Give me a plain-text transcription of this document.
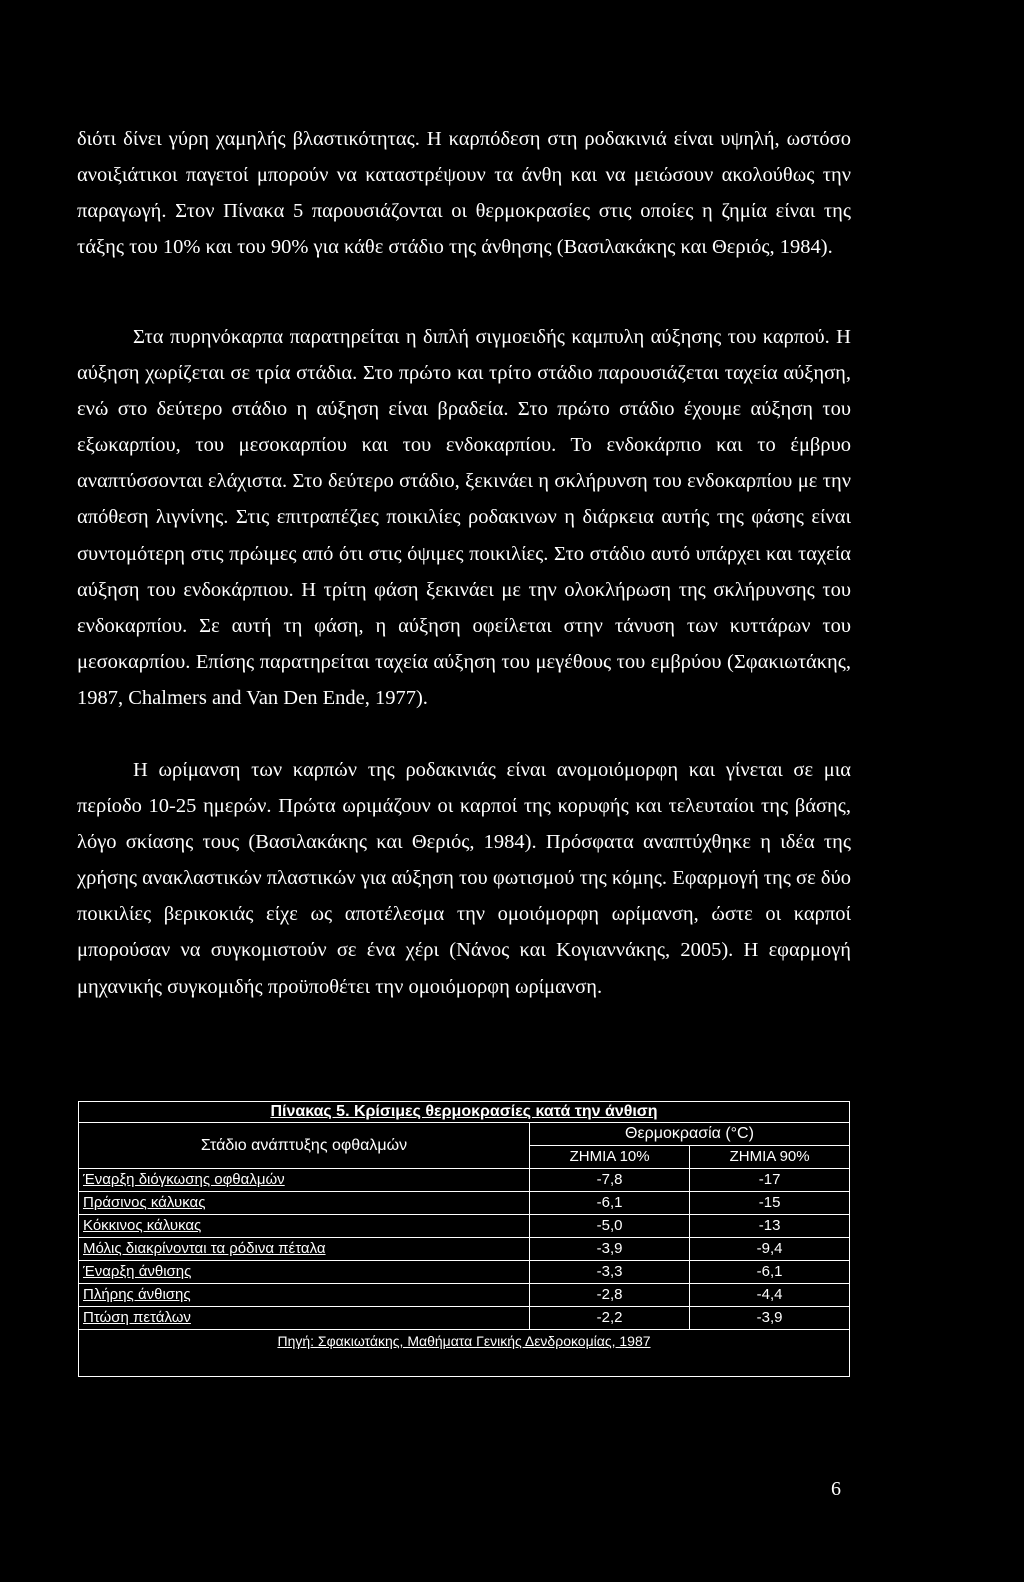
διότι δίνει γύρη χαμηλής βλαστικότητας. Η καρπόδεση στη ροδακινιά είναι υψηλή, ωστόσο ανοιξιάτικοι παγετοί μπορούν να καταστρέψουν τα άνθη και να μειώσουν ακολούθως την παραγωγή. Στον Πίνακα 5 παρουσιάζονται οι θερμοκρασίες στις οποίες η ζημία είναι της τάξης του 10% και του 90% για κάθε στάδιο της άνθησης (Βασιλακάκης και Θεριός, 1984).

Στα πυρηνόκαρπα παρατηρείται η διπλή σιγμοειδής καμπυλη αύξησης του καρπού. Η αύξηση χωρίζεται σε τρία στάδια. Στο πρώτο και τρίτο στάδιο παρουσιάζεται ταχεία αύξηση, ενώ στο δεύτερο στάδιο η αύξηση είναι βραδεία. Στο πρώτο στάδιο έχουμε αύξηση του εξωκαρπίου, του μεσοκαρπίου και του ενδοκαρπίου. Το ενδοκάρπιο και το έμβρυο αναπτύσσονται ελάχιστα. Στο δεύτερο στάδιο, ξεκινάει η σκλήρυνση του ενδοκαρπίου με την απόθεση λιγνίνης. Στις επιτραπέζιες ποικιλίες ροδακινων η διάρκεια αυτής της φάσης είναι συντομότερη στις πρώιμες από ότι στις όψιμες ποικιλίες. Στο στάδιο αυτό υπάρχει και ταχεία αύξηση του ενδοκάρπιου. Η τρίτη φάση ξεκινάει με την ολοκλήρωση της σκλήρυνσης του ενδοκαρπίου. Σε αυτή τη φάση, η αύξηση οφείλεται στην τάνυση των κυττάρων του μεσοκαρπίου. Επίσης παρατηρείται ταχεία αύξηση του μεγέθους του εμβρύου (Σφακιωτάκης, 1987, Chalmers and Van Den Ende, 1977).

Η ωρίμανση των καρπών της ροδακινιάς είναι ανομοιόμορφη και γίνεται σε μια περίοδο 10-25 ημερών. Πρώτα ωριμάζουν οι καρποί της κορυφής και τελευταίοι της βάσης, λόγο σκίασης τους (Βασιλακάκης και Θεριός, 1984). Πρόσφατα αναπτύχθηκε η ιδέα της χρήσης ανακλαστικών πλαστικών για αύξηση του φωτισμού της κόμης. Εφαρμογή της σε δύο ποικιλίες βερικοκιάς είχε ως αποτέλεσμα την ομοιόμορφη ωρίμανση, ώστε οι καρποί μπορούσαν να συγκομιστούν σε ένα χέρι (Νάνος και Κογιαννάκης, 2005). Η εφαρμογή μηχανικής συγκομιδής προϋποθέτει την ομοιόμορφη ωρίμανση.

Πίνακας 5. Κρίσιμες θερμοκρασίες κατά την άνθιση
Στάδιο ανάπτυξης οφθαλμών	Θερμοκρασία (°C)	
	ΖΗΜΙΑ 10%	ΖΗΜΙΑ 90%
Έναρξη διόγκωσης οφθαλμών	-7,8	-17
Πράσινος κάλυκας	-6,1	-15
Κόκκινος κάλυκας	-5,0	-13
Μόλις διακρίνονται τα ρόδινα πέταλα	-3,9	-9,4
Έναρξη άνθισης	-3,3	-6,1
Πλήρης άνθισης	-2,8	-4,4
Πτώση πετάλων	-2,2	-3,9
Πηγή: Σφακιωτάκης, Μαθήματα Γενικής Δενδροκομίας, 1987
6
